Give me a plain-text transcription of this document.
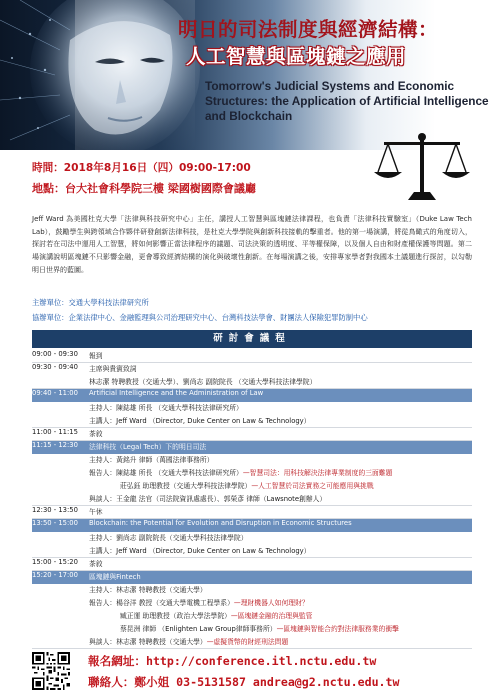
明日的司法制度與經濟結構：
人工智慧與區塊鏈之應用
Tomorrow's Judicial Systems and Economic Structures: the Application of Artificial Intelligence and Blockchain
時間：2018年8月16日（四）09:00-17:00
地點：台大社會科學院三樓 梁國樹國際會議廳
Jeff Ward 為美國杜克大學「法律與科技研究中心」主任，講授人工智慧與區塊鏈法律課程，也負責「法律科技實驗室」（Duke Law Tech Lab），鼓勵學生與跨領域合作夥伴研發創新法律科技，是杜克大學學院與創新科技接軌的擊重者。他的第一場演講，將從鳥瞰式的角度切入，探討若在司法中運用人工智慧，將如何影響正當法律程序的議題、司法決策的透明度、平等權保障，以及個人自由和財產權保護等問題。第二場演講說明區塊鏈不只影響金融，更會導致經濟結構的演化與破壞性創新。在每場演講之後，安排專家學者對我國本土議題進行探討，以勾勒明日世界的藍圖。
主辦單位：交通大學科技法律研究所
協辦單位：企業法律中心、金融監理與公司治理研究中心、台灣科技法學會、財團法人保險犯罪防制中心
研討會議程
09:00 - 09:30 報到
09:30 - 09:40 主席與貴賓致詞
林志潔 特聘教授（交通大學）、劉尚志 副院院長 （交通大學科技法律學院）
09:40 - 11:00 Artificial Intelligence and the Administration of Law
主持人：陳鋕雄 所長 （交通大學科技法律研究所）
主講人：Jeff Ward （Director, Duke Center on Law & Technology）
11:00 - 11:15 茶敘
11:15 - 12:30 法律科技（Legal Tech）下的明日司法
主持人：黃銘升 律師（萬國法律事務所）
報告人：陳鋕雄 所長 （交通大學科技法律研究所）—智慧司法：用科技解決法律專業制度的三面難題
莊弘鈺 助理教授（交通大學科技法律學院）—人工智慧於司法實務之可能應用與挑戰
與談人：王金龍 法官（司法院資訊處處長）、郭榮彥 律師（Lawsnote創辦人）
12:30 - 13:50 午休
13:50 - 15:00 Blockchain: the Potential for Evolution and Disruption in Economic Structures
主持人：劉尚志 副院院長（交通大學科技法律學院）
主講人：Jeff Ward （Director, Duke Center on Law & Technology）
15:00 - 15:20 茶敘
15:20 - 17:00 區塊鏈與Fintech
主持人：林志潔 特聘教授（交通大學）
報告人：楊谷洋 教授（交通大學電機工程學系）—理財機器人如何理財？
臧正運 助理教授（政治大學法學院）—區塊鏈金融的治理與監管
蔡昆洲 律師 （Enlighten Law Group律師事務所）—區塊鏈與智能合約對法律服務業的衝擊
與談人：林志潔 特聘教授（交通大學）—虛擬貨幣的財經刑法問題
報名網址：http://conference.itl.nctu.edu.tw
聯絡人：鄭小姐 03-5131587 andrea@g2.nctu.edu.tw
